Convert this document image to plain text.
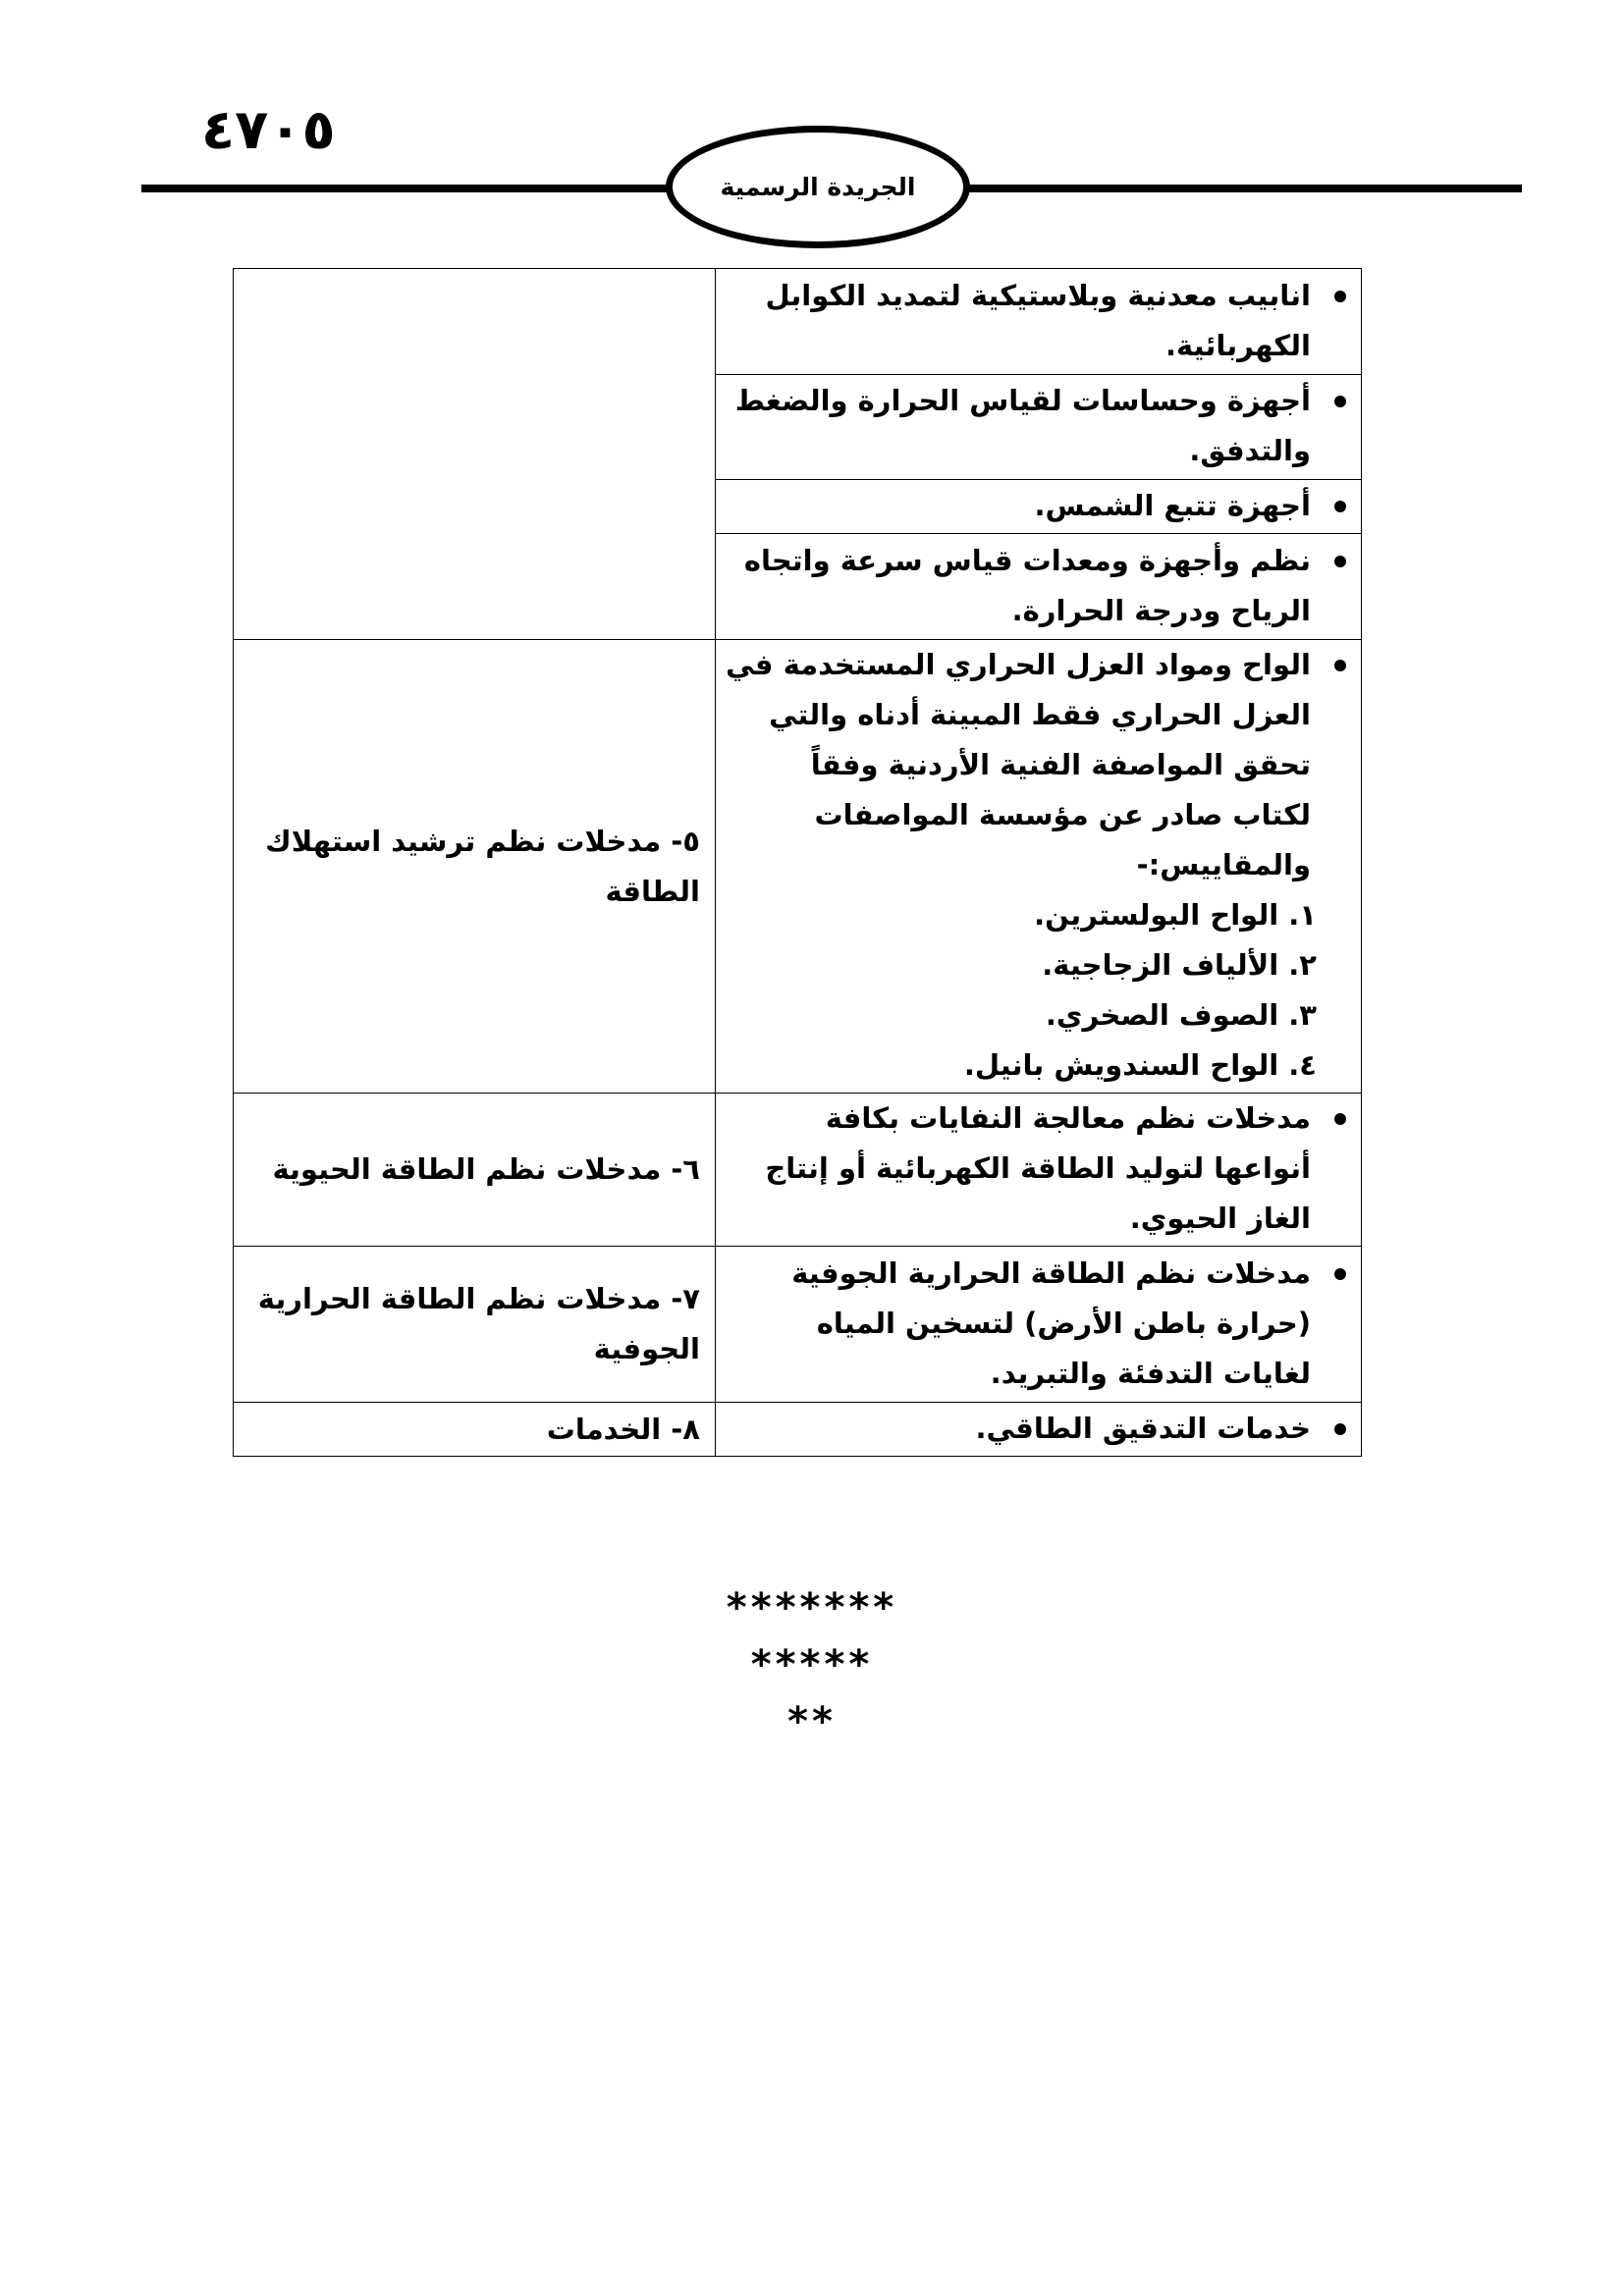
٤٧٠٥
الجريدة الرسمية
انابيب معدنية وبلاستيكية لتمديد الكوابل الكهربائية.	

أجهزة وحساسات لقياس الحرارة والضغط والتدفق.	

أجهزة تتبع الشمس.	

نظم وأجهزة ومعدات قياس سرعة واتجاه الرياح ودرجة الحرارة.	

الواح ومواد العزل الحراري المستخدمة في العزل الحراري فقط المبينة أدناه والتي تحقق المواصفة الفنية الأردنية وفقاً لكتاب صادر عن مؤسسة المواصفات والمقاييس:-
١. الواح البولسترين.
٢. الألياف الزجاجية.
٣. الصوف الصخري.
٤. الواح السندويش بانيل.	٥- مدخلات نظم ترشيد استهلاك الطاقة

مدخلات نظم معالجة النفايات بكافة أنواعها لتوليد الطاقة الكهربائية أو إنتاج الغاز الحيوي.	٦- مدخلات نظم الطاقة الحيوية

مدخلات نظم الطاقة الحرارية الجوفية (حرارة باطن الأرض) لتسخين المياه لغايات التدفئة والتبريد.	٧- مدخلات نظم الطاقة الحرارية الجوفية

خدمات التدقيق الطاقي.	٨- الخدمات
*******
*****
**
